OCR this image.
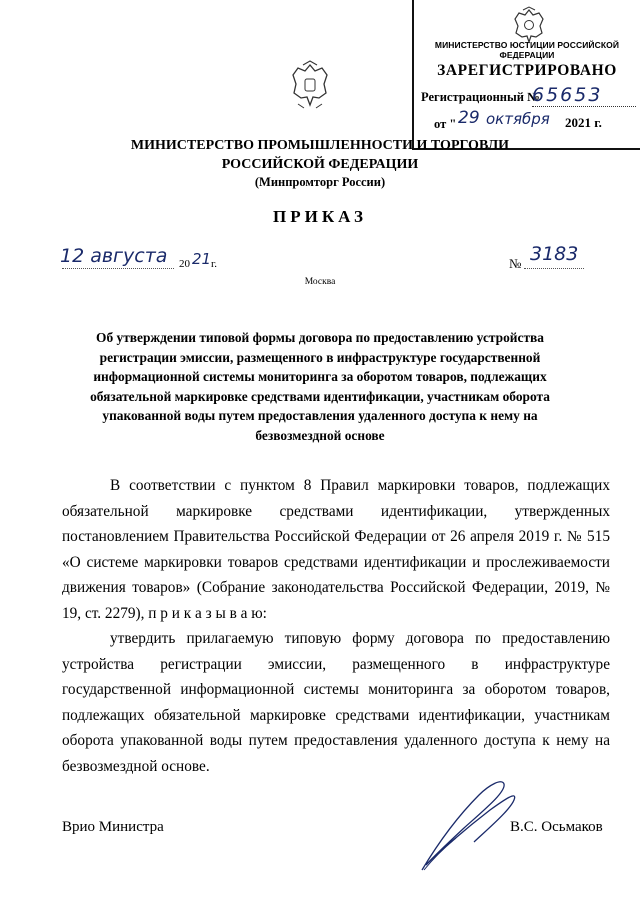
МИНИСТЕРСТВО ЮСТИЦИИ РОССИЙСКОЙ ФЕДЕРАЦИИ
ЗАРЕГИСТРИРОВАНО
Регистрационный №
65653
от " 29 октября 2021 г.
МИНИСТЕРСТВО ПРОМЫШЛЕННОСТИ И ТОРГОВЛИ
РОССИЙСКОЙ ФЕДЕРАЦИИ
(Минпромторг России)
ПРИКАЗ
12 августа 20 21 г.	№ 3183
Москва
Об утверждении типовой формы договора по предоставлению устройства регистрации эмиссии, размещенного в инфраструктуре государственной информационной системы мониторинга за оборотом товаров, подлежащих обязательной маркировке средствами идентификации, участникам оборота упакованной воды путем предоставления удаленного доступа к нему на безвозмездной основе

В соответствии с пунктом 8 Правил маркировки товаров, подлежащих обязательной маркировке средствами идентификации, утвержденных постановлением Правительства Российской Федерации от 26 апреля 2019 г. № 515 «О системе маркировки товаров средствами идентификации и прослеживаемости движения товаров» (Собрание законодательства Российской Федерации, 2019, № 19, ст. 2279), п р и к а з ы в а ю:

утвердить прилагаемую типовую форму договора по предоставлению устройства регистрации эмиссии, размещенного в инфраструктуре государственной информационной системы мониторинга за оборотом товаров, подлежащих обязательной маркировке средствами идентификации, участникам оборота упакованной воды путем предоставления удаленного доступа к нему на безвозмездной основе.

Врио Министра	В.С. Осьмаков
